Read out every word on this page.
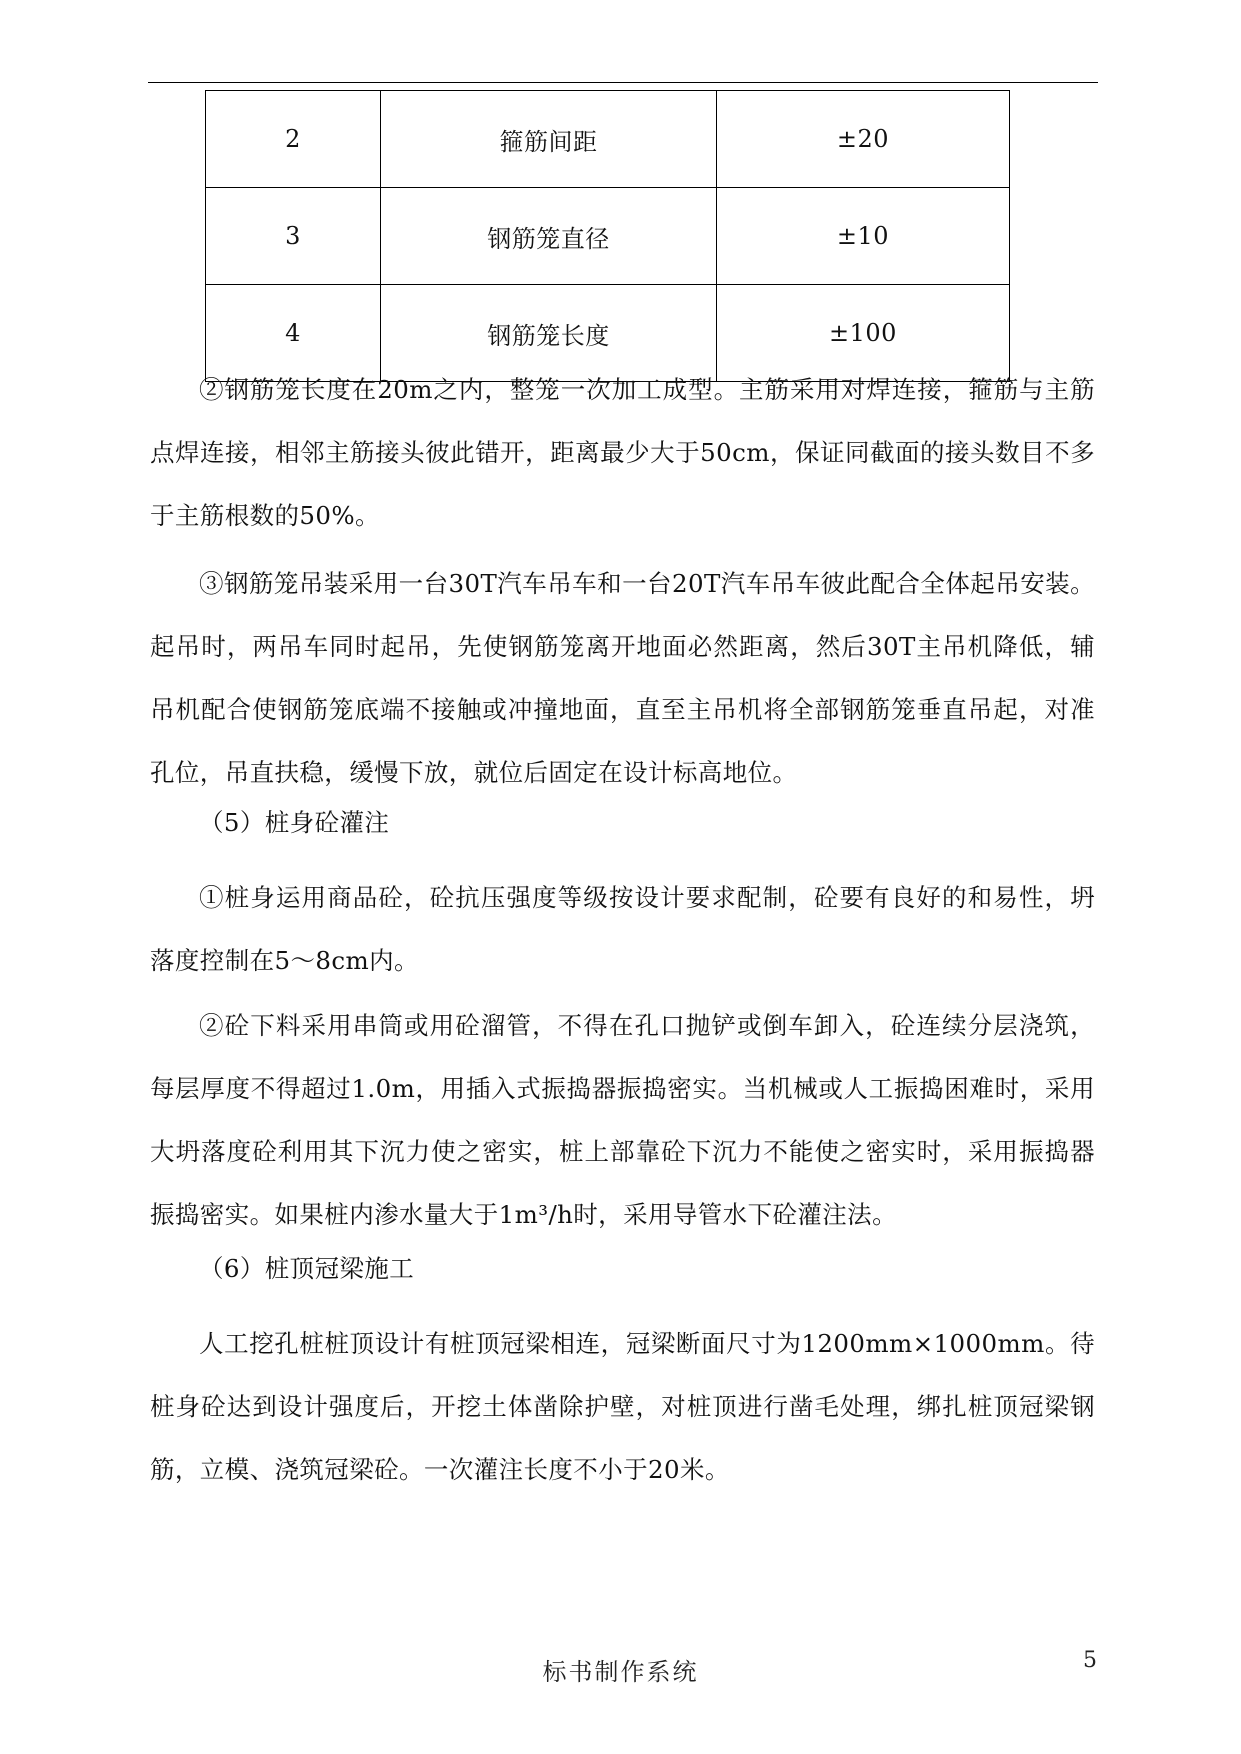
2	箍筋间距	±20
3	钢筋笼直径	±10
4	钢筋笼长度	±100

②钢筋笼长度在20m之内，整笼一次加工成型。主筋采用对焊连接，箍筋与主筋点焊连接，相邻主筋接头彼此错开，距离最少大于50cm，保证同截面的接头数目不多于主筋根数的50%。

③钢筋笼吊装采用一台30T汽车吊车和一台20T汽车吊车彼此配合全体起吊安装。起吊时，两吊车同时起吊，先使钢筋笼离开地面必然距离，然后30T主吊机降低，辅吊机配合使钢筋笼底端不接触或冲撞地面，直至主吊机将全部钢筋笼垂直吊起，对准孔位，吊直扶稳，缓慢下放，就位后固定在设计标高地位。

（5）桩身砼灌注

①桩身运用商品砼，砼抗压强度等级按设计要求配制，砼要有良好的和易性，坍落度控制在5～8cm内。

②砼下料采用串筒或用砼溜管，不得在孔口抛铲或倒车卸入，砼连续分层浇筑，每层厚度不得超过1.0m，用插入式振捣器振捣密实。当机械或人工振捣困难时，采用大坍落度砼利用其下沉力使之密实，桩上部靠砼下沉力不能使之密实时，采用振捣器振捣密实。如果桩内渗水量大于1m³/h时，采用导管水下砼灌注法。

（6）桩顶冠梁施工

人工挖孔桩桩顶设计有桩顶冠梁相连，冠梁断面尺寸为1200mm×1000mm。待桩身砼达到设计强度后，开挖土体凿除护壁，对桩顶进行凿毛处理，绑扎桩顶冠梁钢筋，立模、浇筑冠梁砼。一次灌注长度不小于20米。

标书制作系统	5
